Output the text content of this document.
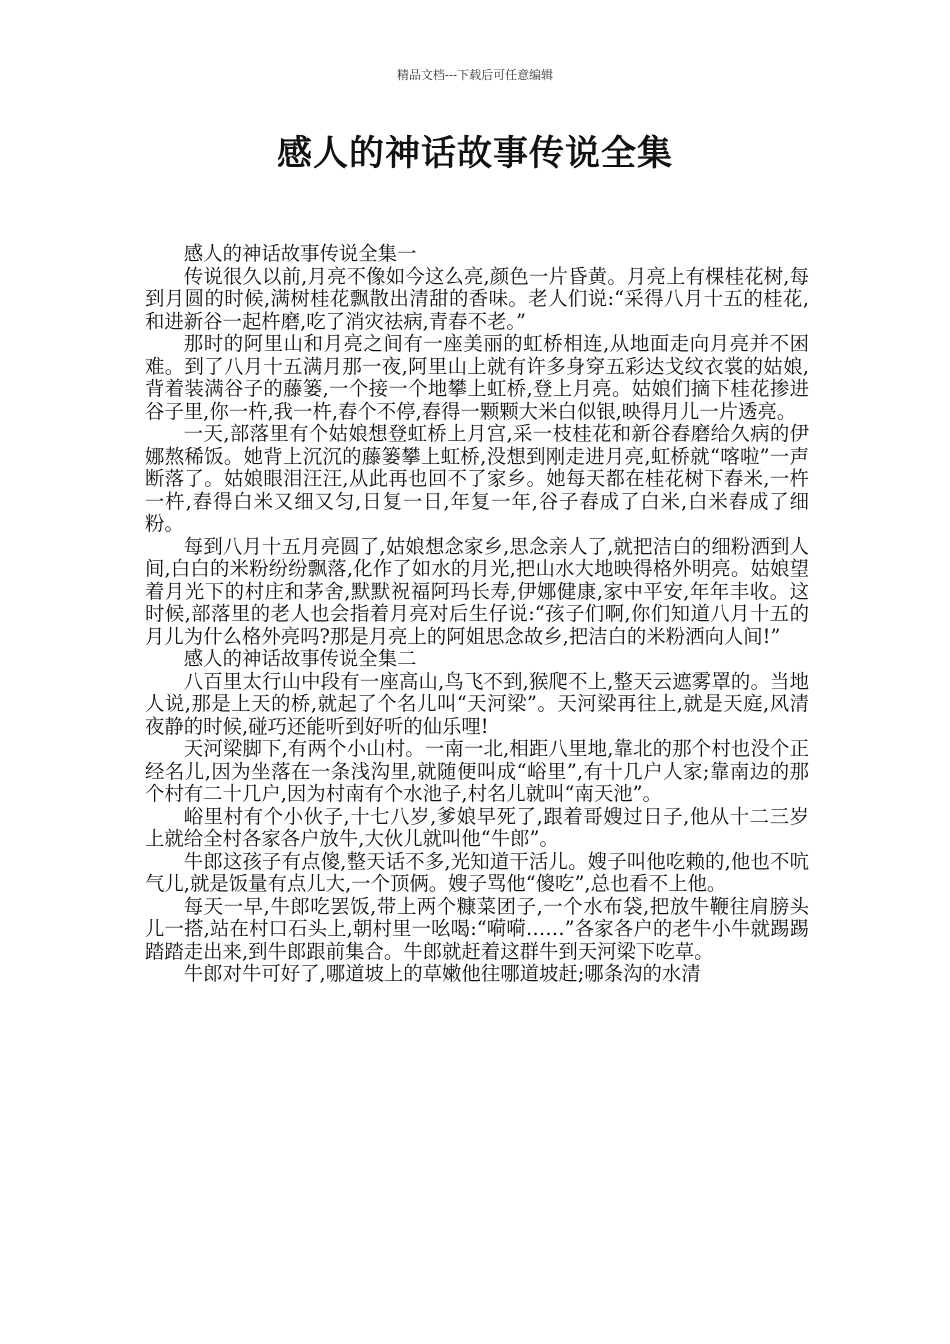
精品文档---下载后可任意编辑
感人的神话故事传说全集

感人的神话故事传说全集一

传说很久以前,月亮不像如今这么亮,颜色一片昏黄。月亮上有棵桂花树,每到月圆的时候,满树桂花飘散出清甜的香味。老人们说:“采得八月十五的桂花,和进新谷一起杵磨,吃了消灾祛病,青春不老。”

那时的阿里山和月亮之间有一座美丽的虹桥相连,从地面走向月亮并不困难。到了八月十五满月那一夜,阿里山上就有许多身穿五彩达戈纹衣裳的姑娘,背着装满谷子的藤篓,一个接一个地攀上虹桥,登上月亮。姑娘们摘下桂花掺进谷子里,你一杵,我一杵,舂个不停,舂得一颗颗大米白似银,映得月儿一片透亮。

一天,部落里有个姑娘想登虹桥上月宫,采一枝桂花和新谷舂磨给久病的伊娜熬稀饭。她背上沉沉的藤篓攀上虹桥,没想到刚走进月亮,虹桥就“喀啦”一声断落了。姑娘眼泪汪汪,从此再也回不了家乡。她每天都在桂花树下舂米,一杵一杵,舂得白米又细又匀,日复一日,年复一年,谷子舂成了白米,白米舂成了细粉。

每到八月十五月亮圆了,姑娘想念家乡,思念亲人了,就把洁白的细粉洒到人间,白白的米粉纷纷飘落,化作了如水的月光,把山水大地映得格外明亮。姑娘望着月光下的村庄和茅舍,默默祝福阿玛长寿,伊娜健康,家中平安,年年丰收。这时候,部落里的老人也会指着月亮对后生仔说:“孩子们啊,你们知道八月十五的月儿为什么格外亮吗?那是月亮上的阿姐思念故乡,把洁白的米粉洒向人间!”

感人的神话故事传说全集二

八百里太行山中段有一座高山,鸟飞不到,猴爬不上,整天云遮雾罩的。当地人说,那是上天的桥,就起了个名儿叫“天河梁”。天河梁再往上,就是天庭,风清夜静的时候,碰巧还能听到好听的仙乐哩!

天河梁脚下,有两个小山村。一南一北,相距八里地,靠北的那个村也没个正经名儿,因为坐落在一条浅沟里,就随便叫成“峪里”,有十几户人家;靠南边的那个村有二十几户,因为村南有个水池子,村名儿就叫“南天池”。

峪里村有个小伙子,十七八岁,爹娘早死了,跟着哥嫂过日子,他从十二三岁上就给全村各家各户放牛,大伙儿就叫他“牛郎”。

牛郎这孩子有点傻,整天话不多,光知道干活儿。嫂子叫他吃赖的,他也不吭气儿,就是饭量有点儿大,一个顶俩。嫂子骂他“傻吃”,总也看不上他。

每天一早,牛郎吃罢饭,带上两个糠菜团子,一个水布袋,把放牛鞭往肩膀头儿一搭,站在村口石头上,朝村里一吆喝:“嗬嗬……”各家各户的老牛小牛就踢踢踏踏走出来,到牛郎跟前集合。牛郎就赶着这群牛到天河梁下吃草。

牛郎对牛可好了,哪道坡上的草嫩他往哪道坡赶;哪条沟的水清
